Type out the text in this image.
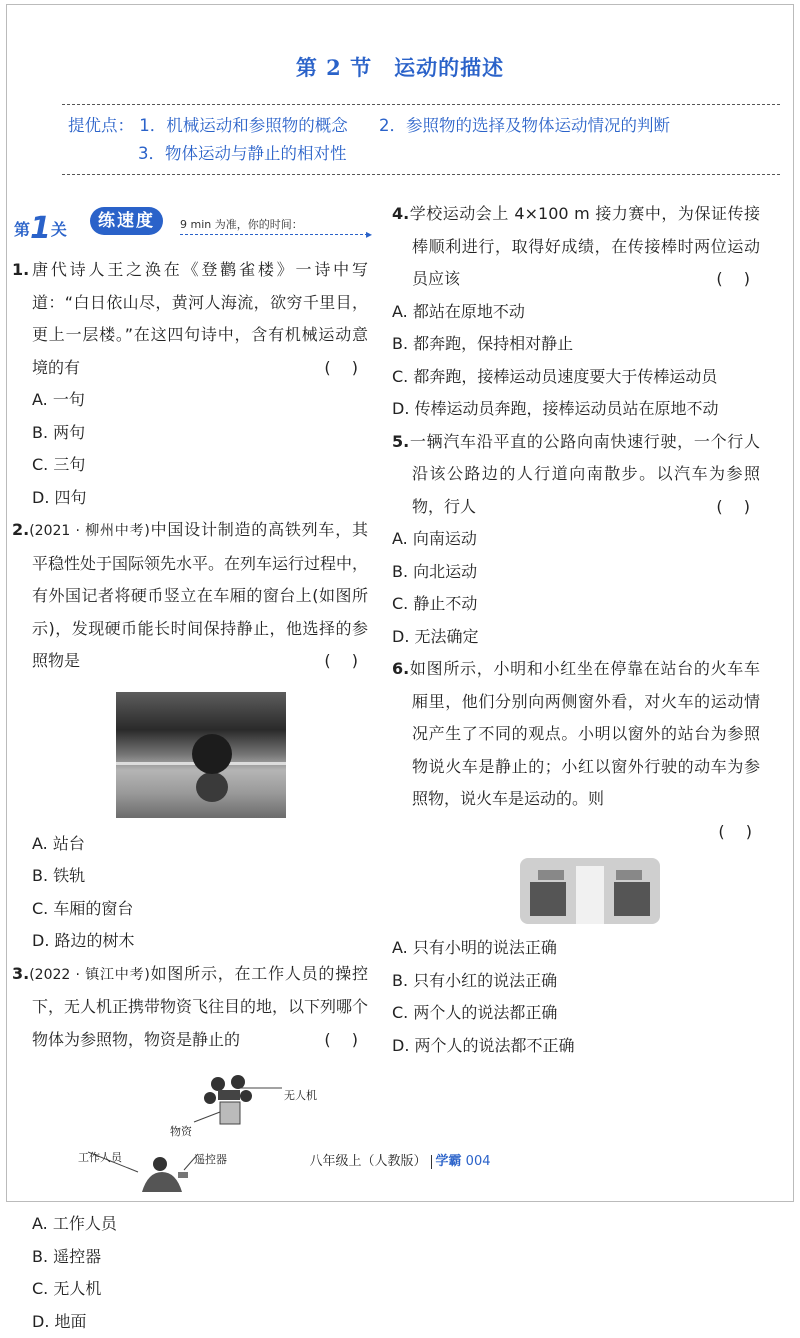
第 2 节 运动的描述
提优点： 1．机械运动和参照物的概念 2．参照物的选择及物体运动情况的判断
3．物体运动与静止的相对性
第1关	练速度	9 min 为准，你的时间：
▸
1.唐代诗人王之涣在《登鹳雀楼》一诗中写道：“白日依山尽，黄河人海流，欲穷千里目，更上一层楼。”在这四句诗中，含有机械运动意境的有	( )
A. 一句
B. 两句
C. 三句
D. 四句
2.(2021 · 柳州中考)中国设计制造的高铁列车，其平稳性处于国际领先水平。在列车运行过程中，有外国记者将硬币竖立在车厢的窗台上(如图所示)，发现硬币能长时间保持静止，他选择的参照物是	( )
A. 站台
B. 铁轨
C. 车厢的窗台
D. 路边的树木
3.(2022 · 镇江中考)如图所示，在工作人员的操控下，无人机正携带物资飞往目的地，以下列哪个物体为参照物，物资是静止的	( )
无人机
物资
工作人员	遥控器
A. 工作人员
B. 遥控器
C. 无人机
D. 地面
4.学校运动会上 4×100 m 接力赛中，为保证传接棒顺利进行，取得好成绩，在传接棒时两位运动员应该	( )
A. 都站在原地不动
B. 都奔跑，保持相对静止
C. 都奔跑，接棒运动员速度要大于传棒运动员
D. 传棒运动员奔跑，接棒运动员站在原地不动
5.一辆汽车沿平直的公路向南快速行驶，一个行人沿该公路边的人行道向南散步。以汽车为参照物，行人	( )
A. 向南运动
B. 向北运动
C. 静止不动
D. 无法确定
6.如图所示，小明和小红坐在停靠在站台的火车车厢里，他们分别向两侧窗外看，对火车的运动情况产生了不同的观点。小明以窗外的站台为参照物说火车是静止的；小红以窗外行驶的动车为参照物，说火车是运动的。则
( )
A. 只有小明的说法正确
B. 只有小红的说法正确
C. 两个人的说法都正确
D. 两个人的说法都不正确
八年级上（人教版） 学霸 004
